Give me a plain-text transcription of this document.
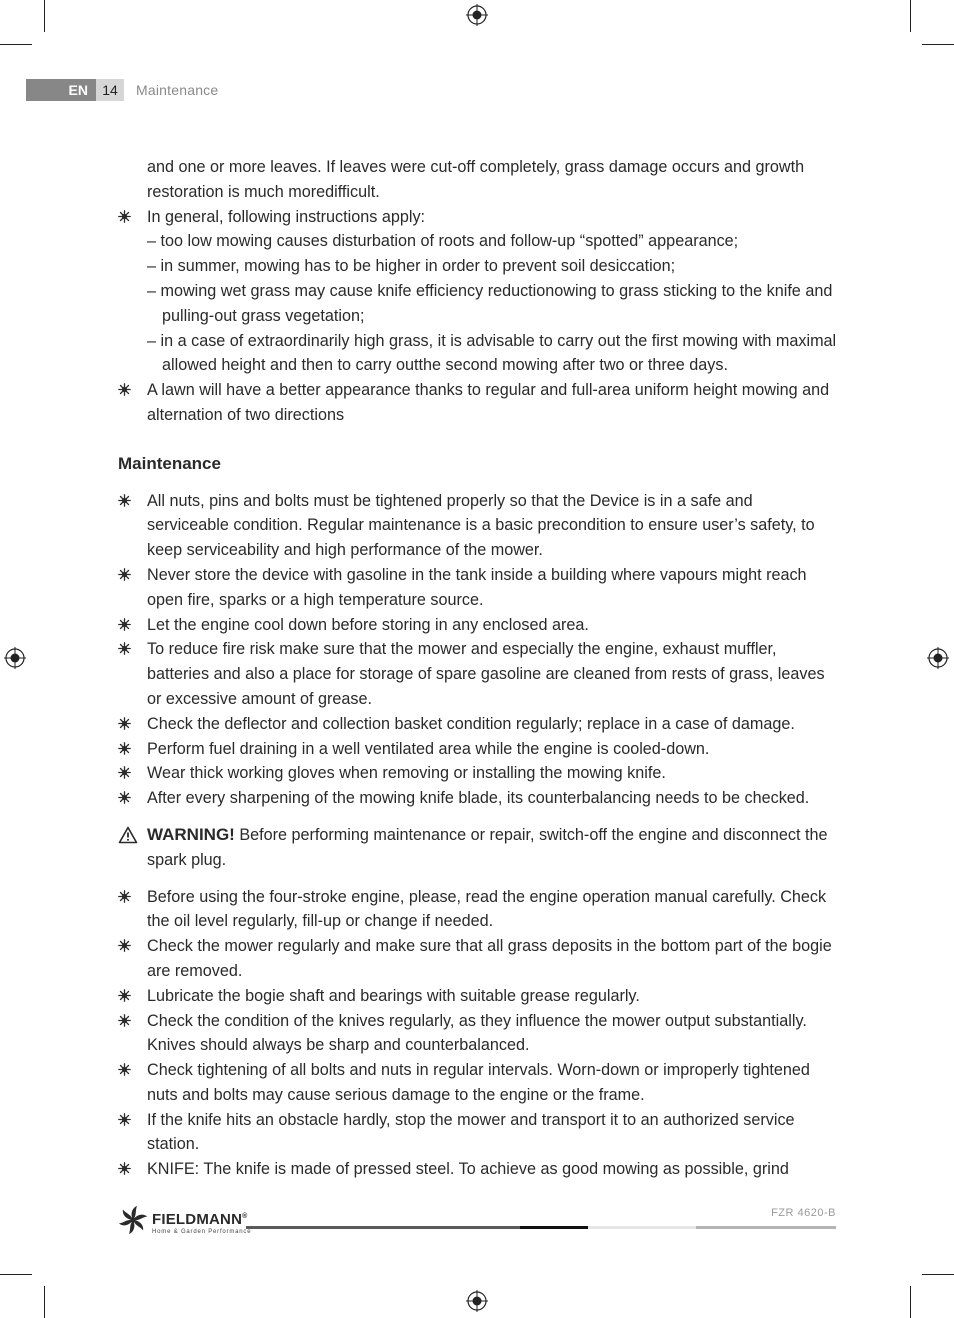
EN	14	Maintenance
and one or more leaves. If leaves were cut-off completely, grass damage occurs and growth restoration is much moredifficult.
In general, following instructions apply:
– too low mowing causes disturbation of roots and follow-up “spotted” appearance;
– in summer, mowing has to be higher in order to prevent soil desiccation;
– mowing wet grass may cause knife efficiency reductionowing to grass sticking to the knife and pulling-out grass vegetation;
– in a case of extraordinarily high grass, it is advisable to carry out the first mowing with maximal allowed height and then to carry outthe second mowing after two or three days.
A lawn will have a better appearance thanks to regular and full-area uniform height mowing and alternation of two directions
Maintenance
All nuts, pins and bolts must be tightened properly so that the Device is in a safe and serviceable condition. Regular maintenance is a basic precondition to ensure user’s safety, to keep serviceability and high performance of the mower.
Never store the device with gasoline in the tank inside a building where vapours might reach open fire, sparks or a high temperature source.
Let the engine cool down before storing in any enclosed area.
To reduce fire risk make sure that the mower and especially the engine, exhaust muffler, batteries and also a place for storage of spare gasoline are cleaned from rests of grass, leaves or excessive amount of grease.
Check the deflector and collection basket condition regularly; replace in a case of damage.
Perform fuel draining in a well ventilated area while the engine is cooled-down.
Wear thick working gloves when removing or installing the mowing knife.
After every sharpening of the mowing knife blade, its counterbalancing needs to be checked.
WARNING! Before performing maintenance or repair, switch-off the engine and disconnect the spark plug.
Before using the four-stroke engine, please, read the engine operation manual carefully. Check the oil level regularly, fill-up or change if needed.
Check the mower regularly and make sure that all grass deposits in the bottom part of the bogie are removed.
Lubricate the bogie shaft and bearings with suitable grease regularly.
Check the condition of the knives regularly, as they influence the mower output substantially. Knives should always be sharp and counterbalanced.
Check tightening of all bolts and nuts in regular intervals. Worn-down or improperly tightened nuts and bolts may cause serious damage to the engine or the frame.
If the knife hits an obstacle hardly, stop the mower and transport it to an authorized service station.
KNIFE: The knife is made of pressed steel. To achieve as good mowing as possible, grind
FIELDMANN®
Home & Garden Performance
FZR 4620-B
